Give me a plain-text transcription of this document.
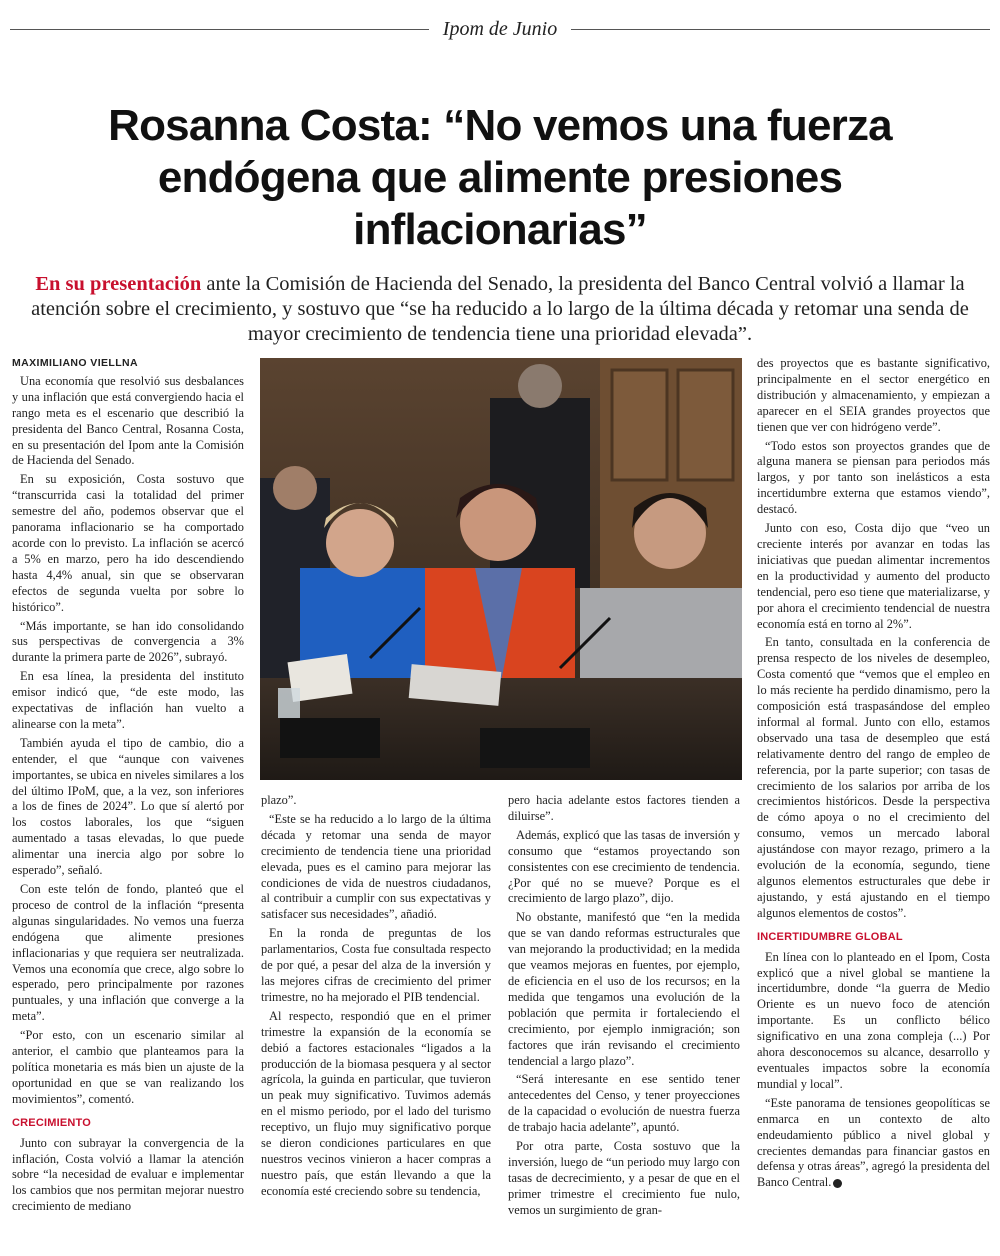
Ipom de Junio
Rosanna Costa: “No vemos una fuerza endógena que alimente presiones inflacionarias”

En su presentación ante la Comisión de Hacienda del Senado, la presidenta del Banco Central volvió a llamar la atención sobre el crecimiento, y sostuvo que “se ha reducido a lo largo de la última década y retomar una senda de mayor crecimiento de tendencia tiene una prioridad elevada”.

MAXIMILIANO VIELLNA

Una economía que resolvió sus desbalances y una inflación que está convergiendo hacia el rango meta es el escenario que describió la presidenta del Banco Central, Rosanna Costa, en su presentación del Ipom ante la Comisión de Hacienda del Senado.

En su exposición, Costa sostuvo que “transcurrida casi la totalidad del primer semestre del año, podemos observar que el panorama inflacionario se ha comportado acorde con lo previsto. La inflación se acercó a 5% en marzo, pero ha ido descendiendo hasta 4,4% anual, sin que se observaran efectos de segunda vuelta por sobre lo histórico”.

“Más importante, se han ido consolidando sus perspectivas de convergencia a 3% durante la primera parte de 2026”, subrayó.

En esa línea, la presidenta del instituto emisor indicó que, “de este modo, las expectativas de inflación han vuelto a alinearse con la meta”.

También ayuda el tipo de cambio, dio a entender, el que “aunque con vaivenes importantes, se ubica en niveles similares a los del último IPoM, que, a la vez, son inferiores a los de fines de 2024”. Lo que sí alertó por los costos laborales, los que “siguen aumentado a tasas elevadas, lo que puede alimentar una inercia algo por sobre lo esperado”, señaló.

Con este telón de fondo, planteó que el proceso de control de la inflación “presenta algunas singularidades. No vemos una fuerza endógena que alimente presiones inflacionarias y que requiera ser neutralizada. Vemos una economía que crece, algo sobre lo esperado, pero principalmente por razones puntuales, y una inflación que converge a la meta”.

“Por esto, con un escenario similar al anterior, el cambio que planteamos para la política monetaria es más bien un ajuste de la oportunidad en que se van realizando los movimientos”, comentó.

CRECIMIENTO

Junto con subrayar la convergencia de la inflación, Costa volvió a llamar la atención sobre “la necesidad de evaluar e implementar los cambios que nos permitan mejorar nuestro crecimiento de mediano

plazo”.

“Este se ha reducido a lo largo de la última década y retomar una senda de mayor crecimiento de tendencia tiene una prioridad elevada, pues es el camino para mejorar las condiciones de vida de nuestros ciudadanos, al contribuir a cumplir con sus expectativas y satisfacer sus necesidades”, añadió.

En la ronda de preguntas de los parlamentarios, Costa fue consultada respecto de por qué, a pesar del alza de la inversión y las mejores cifras de crecimiento del primer trimestre, no ha mejorado el PIB tendencial.

Al respecto, respondió que en el primer trimestre la expansión de la economía se debió a factores estacionales “ligados a la producción de la biomasa pesquera y al sector agrícola, la guinda en particular, que tuvieron un peak muy significativo. Tuvimos además en el mismo periodo, por el lado del turismo receptivo, un flujo muy significativo porque se dieron condiciones particulares en que nuestros vecinos vinieron a hacer compras a nuestro país, que están llevando a que la economía esté creciendo sobre su tendencia,

pero hacia adelante estos factores tienden a diluirse”.

Además, explicó que las tasas de inversión y consumo que “estamos proyectando son consistentes con ese crecimiento de tendencia. ¿Por qué no se mueve? Porque es el crecimiento de largo plazo”, dijo.

No obstante, manifestó que “en la medida que se van dando reformas estructurales que van mejorando la productividad; en la medida que veamos mejoras en fuentes, por ejemplo, de eficiencia en el uso de los recursos; en la medida que tengamos una evolución de la población que permita ir fortaleciendo el crecimiento, por ejemplo inmigración; son factores que irán revisando el crecimiento tendencial a largo plazo”.

“Será interesante en ese sentido tener antecedentes del Censo, y tener proyecciones de la capacidad o evolución de nuestra fuerza de trabajo hacia adelante”, apuntó.

Por otra parte, Costa sostuvo que la inversión, luego de “un periodo muy largo con tasas de decrecimiento, y a pesar de que en el primer trimestre el crecimiento fue nulo, vemos un surgimiento de gran-

des proyectos que es bastante significativo, principalmente en el sector energético en distribución y almacenamiento, y empiezan a aparecer en el SEIA grandes proyectos que tienen que ver con hidrógeno verde”.

“Todo estos son proyectos grandes que de alguna manera se piensan para periodos más largos, y por tanto son inelásticos a esta incertidumbre externa que estamos viendo”, destacó.

Junto con eso, Costa dijo que “veo un creciente interés por avanzar en todas las iniciativas que puedan alimentar incrementos en la productividad y aumento del producto tendencial, pero eso tiene que materializarse, y por ahora el crecimiento tendencial de nuestra economía está en torno al 2%”.

En tanto, consultada en la conferencia de prensa respecto de los niveles de desempleo, Costa comentó que “vemos que el empleo en lo más reciente ha perdido dinamismo, pero la composición está traspasándose del empleo informal al formal. Junto con ello, estamos observado una tasa de desempleo que está relativamente dentro del rango de empleo de referencia, por la parte superior; con tasas de crecimiento de los salarios por arriba de los crecimientos históricos. Desde la perspectiva de cómo apoya o no el crecimiento del consumo, vemos un mercado laboral ajustándose con mayor rezago, primero a la evolución de la economía, segundo, tiene algunos elementos estructurales que debe ir ajustando, y está ajustando en el tiempo algunos elementos de costos”.

INCERTIDUMBRE GLOBAL

En línea con lo planteado en el Ipom, Costa explicó que a nivel global se mantiene la incertidumbre, donde “la guerra de Medio Oriente es un nuevo foco de atención importante. Es un conflicto bélico significativo en una zona compleja (...) Por ahora desconocemos su alcance, desarrollo y eventuales impactos sobre la economía mundial y local”.

“Este panorama de tensiones geopolíticas se enmarca en un contexto de alto endeudamiento público a nivel global y crecientes demandas para financiar gastos en defensa y otras áreas”, agregó la presidenta del Banco Central.
